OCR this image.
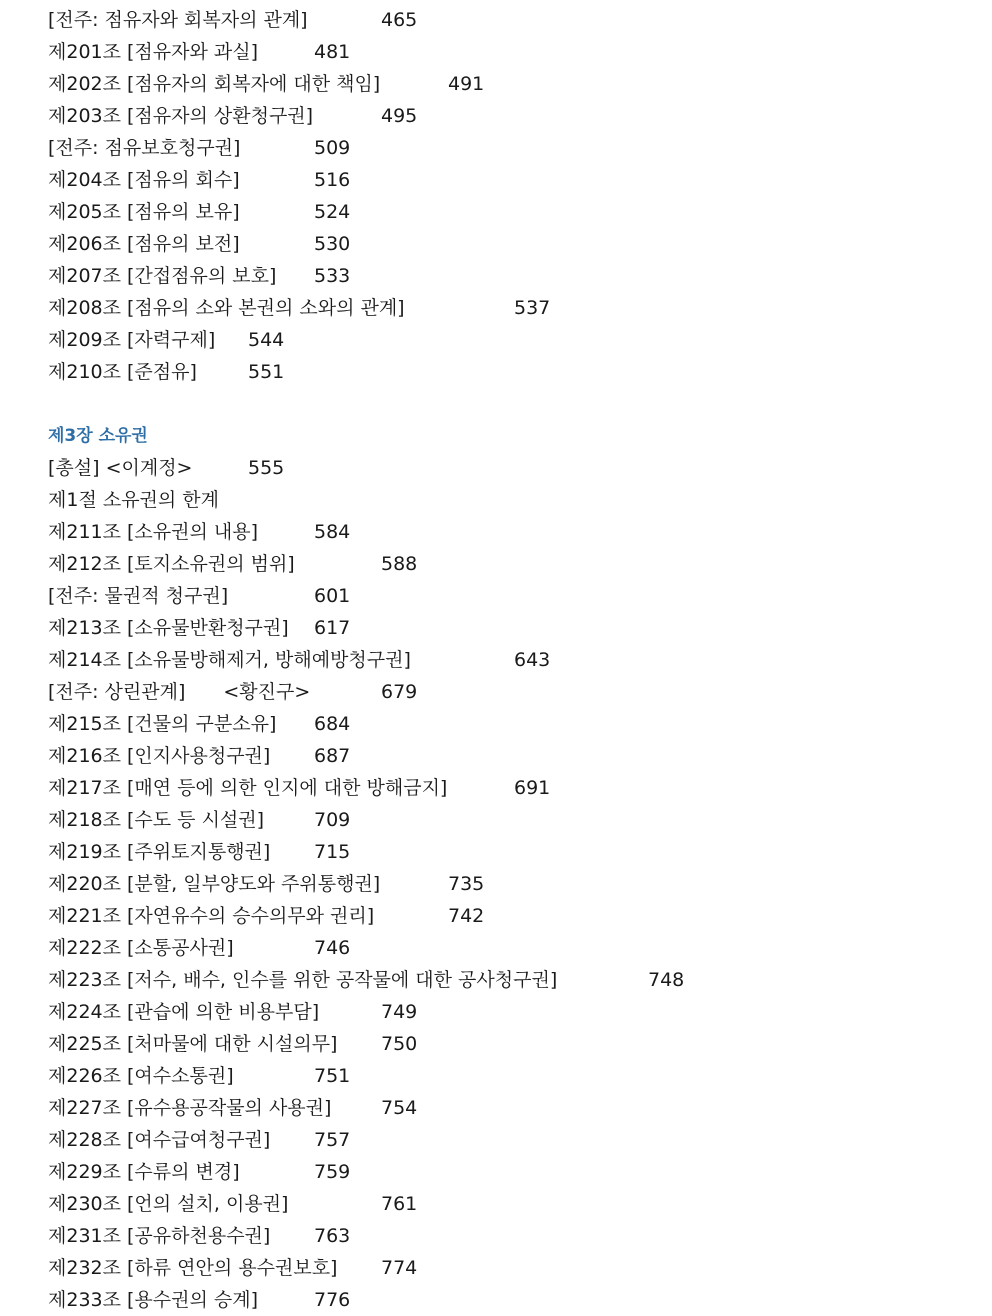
[전주: 점유자와 회복자의 관계]	465
제201조 [점유자와 과실]	481
제202조 [점유자의 회복자에 대한 책임]	491
제203조 [점유자의 상환청구권]	495
[전주: 점유보호청구권]	509
제204조 [점유의 회수]	516
제205조 [점유의 보유]	524
제206조 [점유의 보전]	530
제207조 [간접점유의 보호] 533
제208조 [점유의 소와 본권의 소와의 관계]	537
제209조 [자력구제] 544
제210조 [준점유]	551
제3장 소유권
[총설] <이계정>	555
제1절 소유권의 한계
제211조 [소유권의 내용]	584
제212조 [토지소유권의 범위]	588
[전주: 물권적 청구권]	601
제213조 [소유물반환청구권] 617
제214조 [소유물방해제거, 방해예방청구권]	643
[전주: 상린관계]　　<황진구>	679
제215조 [건물의 구분소유] 684
제216조 [인지사용청구권] 687
제217조 [매연 등에 의한 인지에 대한 방해금지]	691
제218조 [수도 등 시설권]	709
제219조 [주위토지통행권] 715
제220조 [분할, 일부양도와 주위통행권]	735
제221조 [자연유수의 승수의무와 권리]	742
제222조 [소통공사권]	746
제223조 [저수, 배수, 인수를 위한 공작물에 대한 공사청구권]	748
제224조 [관습에 의한 비용부담]	749
제225조 [처마물에 대한 시설의무] 750
제226조 [여수소통권]	751
제227조 [유수용공작물의 사용권]	754
제228조 [여수급여청구권] 757
제229조 [수류의 변경]	759
제230조 [언의 설치, 이용권]	761
제231조 [공유하천용수권] 763
제232조 [하류 연안의 용수권보호] 774
제233조 [용수권의 승계]	776
